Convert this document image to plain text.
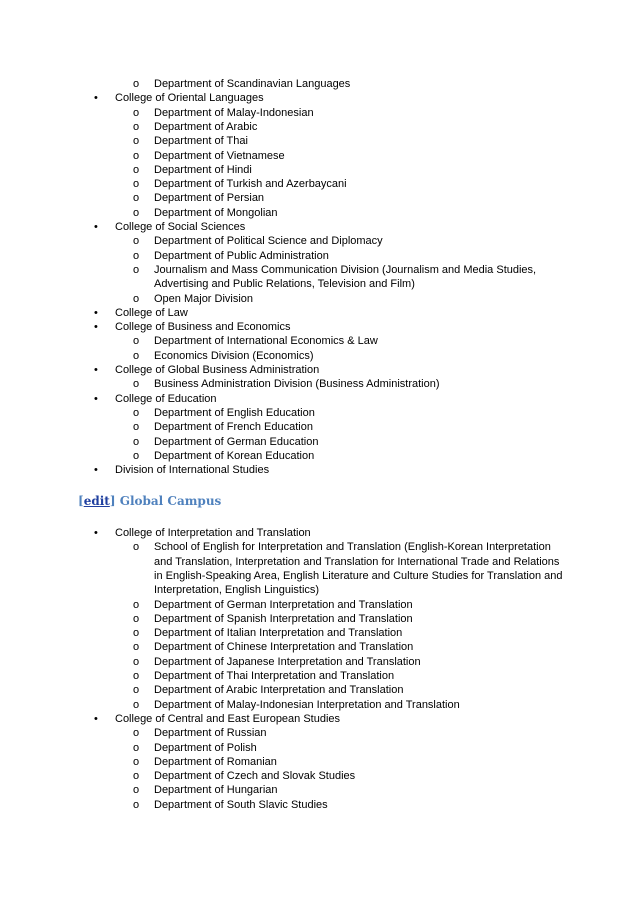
o Department of Scandinavian Languages
• College of Oriental Languages
o Department of Malay-Indonesian
o Department of Arabic
o Department of Thai
o Department of Vietnamese
o Department of Hindi
o Department of Turkish and Azerbaycani
o Department of Persian
o Department of Mongolian
• College of Social Sciences
o Department of Political Science and Diplomacy
o Department of Public Administration
o Journalism and Mass Communication Division (Journalism and Media Studies,
Advertising and Public Relations, Television and Film)
o Open Major Division
• College of Law
• College of Business and Economics
o Department of International Economics & Law
o Economics Division (Economics)
• College of Global Business Administration
o Business Administration Division (Business Administration)
• College of Education
o Department of English Education
o Department of French Education
o Department of German Education
o Department of Korean Education
• Division of International Studies
[edit] Global Campus
• College of Interpretation and Translation
o School of English for Interpretation and Translation (English-Korean Interpretation
and Translation, Interpretation and Translation for International Trade and Relations
in English-Speaking Area, English Literature and Culture Studies for Translation and
Interpretation, English Linguistics)
o Department of German Interpretation and Translation
o Department of Spanish Interpretation and Translation
o Department of Italian Interpretation and Translation
o Department of Chinese Interpretation and Translation
o Department of Japanese Interpretation and Translation
o Department of Thai Interpretation and Translation
o Department of Arabic Interpretation and Translation
o Department of Malay-Indonesian Interpretation and Translation
• College of Central and East European Studies
o Department of Russian
o Department of Polish
o Department of Romanian
o Department of Czech and Slovak Studies
o Department of Hungarian
o Department of South Slavic Studies
